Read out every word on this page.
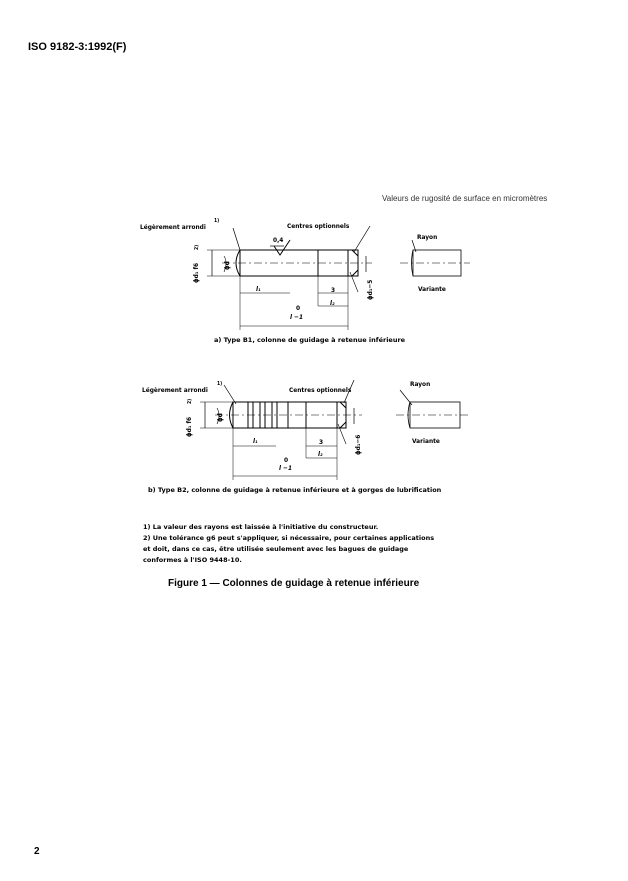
ISO 9182-3:1992(F)
Valeurs de rugosité de surface en micromètres
Légèrement arrondi
1)
Centres optionnels
0,4	Rayon
Variante
ϕd₁ f6
2)
ϕd
ϕd₁−5
l₁	3
l₂
0
l −1
a) Type B1, colonne de guidage à retenue inférieure
Légèrement arrondi
1)
Centres optionnels
Rayon
Variante
ϕd₁ f6
2)
ϕd
ϕd₁−6
l₁	3
l₂
0
l −1
b) Type B2, colonne de guidage à retenue inférieure et à gorges de lubrification
1) La valeur des rayons est laissée à l'initiative du constructeur.
2) Une tolérance g6 peut s'appliquer, si nécessaire, pour certaines applications
et doit, dans ce cas, être utilisée seulement avec les bagues de guidage
conformes à l'ISO 9448-10.
Figure 1 — Colonnes de guidage à retenue inférieure
2
